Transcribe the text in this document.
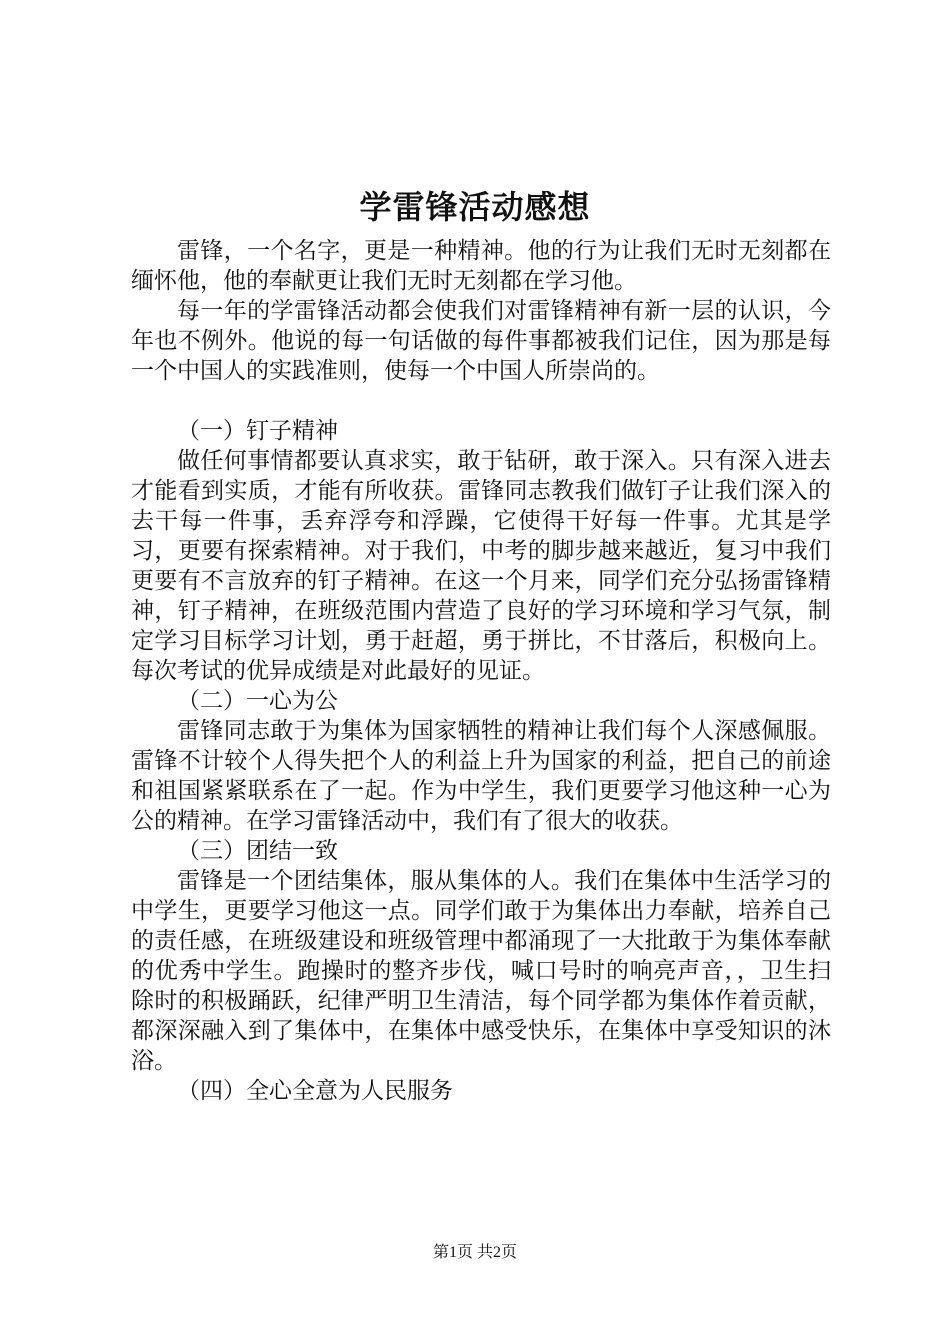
学雷锋活动感想

雷锋，一个名字，更是一种精神。他的行为让我们无时无刻都在缅怀他，他的奉献更让我们无时无刻都在学习他。

每一年的学雷锋活动都会使我们对雷锋精神有新一层的认识，今年也不例外。他说的每一句话做的每件事都被我们记住，因为那是每一个中国人的实践准则，使每一个中国人所崇尚的。

（一）钉子精神

做任何事情都要认真求实，敢于钻研，敢于深入。只有深入进去才能看到实质，才能有所收获。雷锋同志教我们做钉子让我们深入的去干每一件事，丢弃浮夸和浮躁，它使得干好每一件事。尤其是学习，更要有探索精神。对于我们，中考的脚步越来越近，复习中我们更要有不言放弃的钉子精神。在这一个月来，同学们充分弘扬雷锋精神，钉子精神，在班级范围内营造了良好的学习环境和学习气氛，制定学习目标学习计划，勇于赶超，勇于拼比，不甘落后，积极向上。每次考试的优异成绩是对此最好的见证。

（二）一心为公

雷锋同志敢于为集体为国家牺牲的精神让我们每个人深感佩服。雷锋不计较个人得失把个人的利益上升为国家的利益，把自己的前途和祖国紧紧联系在了一起。作为中学生，我们更要学习他这种一心为公的精神。在学习雷锋活动中，我们有了很大的收获。

（三）团结一致

雷锋是一个团结集体，服从集体的人。我们在集体中生活学习的中学生，更要学习他这一点。同学们敢于为集体出力奉献，培养自己的责任感，在班级建设和班级管理中都涌现了一大批敢于为集体奉献的优秀中学生。跑操时的整齐步伐，喊口号时的响亮声音，，卫生扫除时的积极踊跃，纪律严明卫生清洁，每个同学都为集体作着贡献，都深深融入到了集体中，在集体中感受快乐，在集体中享受知识的沐浴。

（四）全心全意为人民服务

第1页 共2页
